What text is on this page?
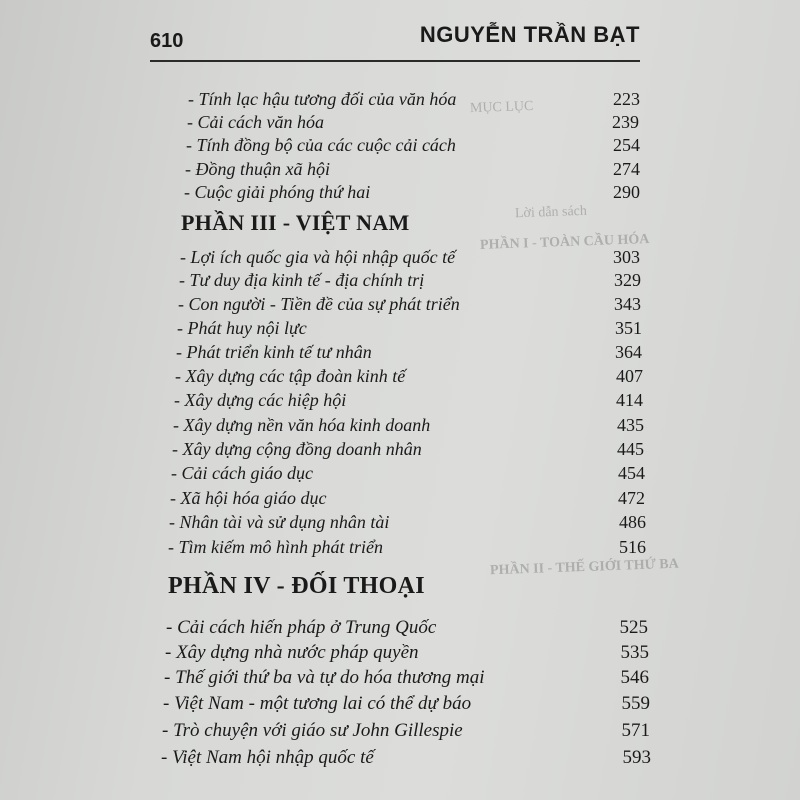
MỤC LỤC
Lời dẫn sách
PHẦN I - TOÀN CẦU HÓA
PHẦN II - THẾ GIỚI THỨ BA
610	NGUYỄN TRẦN BẠT
- Tính lạc hậu tương đối của văn hóa	223
- Cải cách văn hóa	239
- Tính đồng bộ của các cuộc cải cách	254
- Đồng thuận xã hội	274
- Cuộc giải phóng thứ hai	290
PHẦN III - VIỆT NAM
- Lợi ích quốc gia và hội nhập quốc tế	303
- Tư duy địa kinh tế - địa chính trị	329
- Con người - Tiền đề của sự phát triển	343
- Phát huy nội lực	351
- Phát triển kinh tế tư nhân	364
- Xây dựng các tập đoàn kinh tế	407
- Xây dựng các hiệp hội	414
- Xây dựng nền văn hóa kinh doanh	435
- Xây dựng cộng đồng doanh nhân	445
- Cải cách giáo dục	454
- Xã hội hóa giáo dục	472
- Nhân tài và sử dụng nhân tài	486
- Tìm kiếm mô hình phát triển	516
PHẦN IV - ĐỐI THOẠI
- Cải cách hiến pháp ở Trung Quốc	525
- Xây dựng nhà nước pháp quyền	535
- Thế giới thứ ba và tự do hóa thương mại	546
- Việt Nam - một tương lai có thể dự báo	559
- Trò chuyện với giáo sư John Gillespie	571
- Việt Nam hội nhập quốc tế	593
